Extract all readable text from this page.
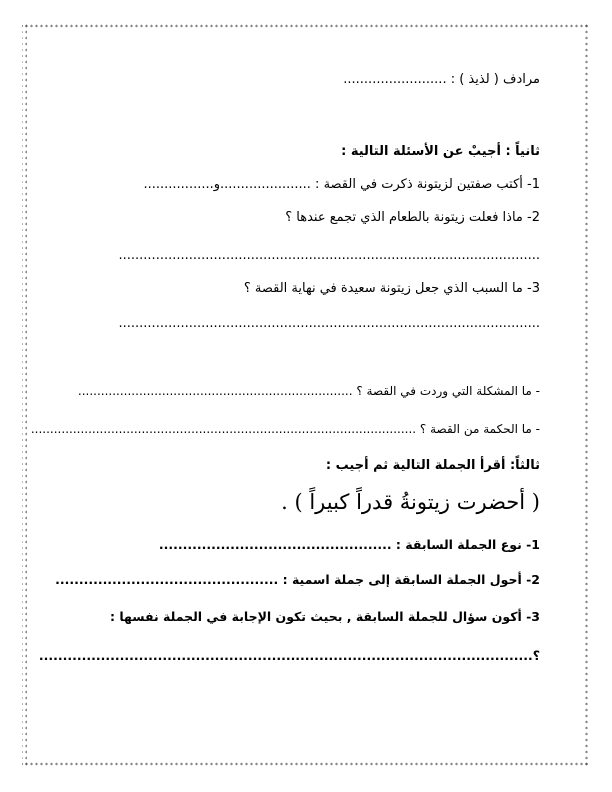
مرادف ( لذيذ ) : .........................
ثانياً : أجيبْ عن الأسئلة التالية :
1- أكتب صفتين لزيتونة ذكرت في القصة : ......................و.................
2- ماذا فعلت زيتونة بالطعام الذي تجمع عندها ؟
......................................................................................................
3- ما السبب الذي جعل زيتونة سعيدة في نهاية القصة ؟
......................................................................................................
- ما المشكلة التي وردت في القصة ؟ ........................................................................
- ما الحكمة من القصة ؟ .....................................................................................................
ثالثاً: أقرأ الجملة التالية ثم أجيب :
( أحضرت زيتونةُ قدراً كبيراً ) .
1- نوع الجملة السابقة : .................................................
2- أحول الجملة السابقة إلى جملة اسمية : ...............................................
3- أكون سؤال للجملة السابقة , بحيث تكون الإجابة في الجملة نفسها :
؟........................................................................................................
